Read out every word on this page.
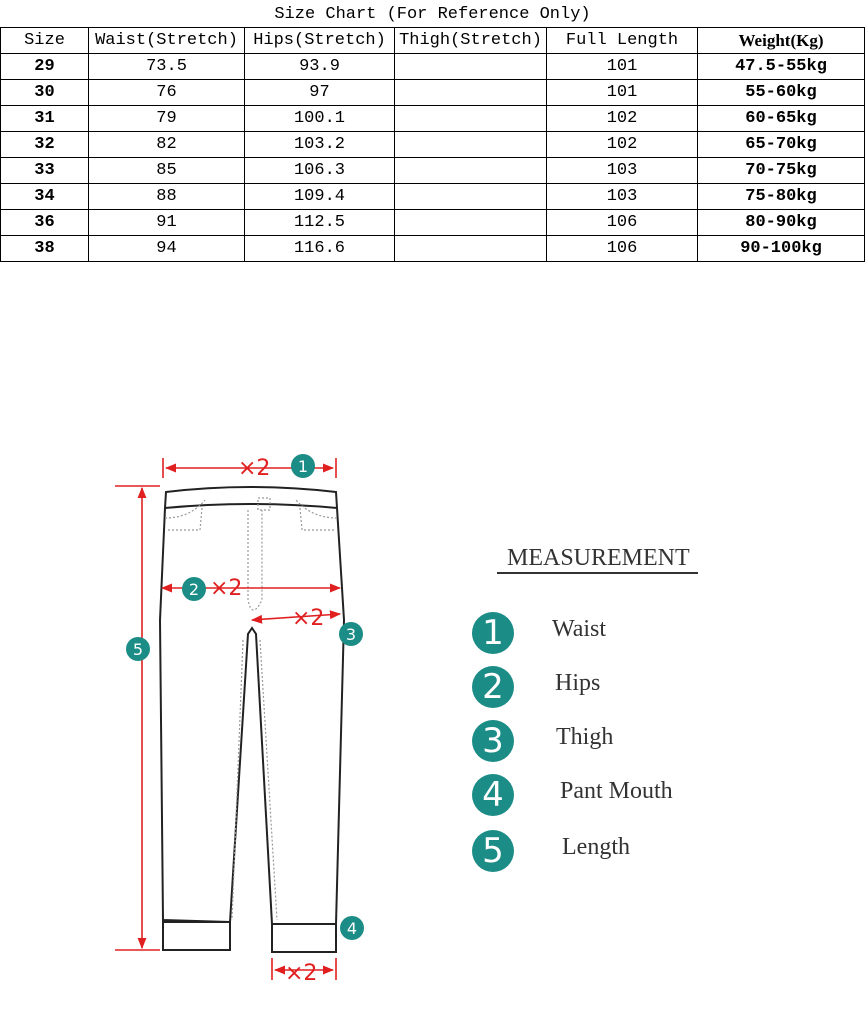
Size Chart (For Reference Only)
Size	Waist(Stretch)	Hips(Stretch)	Thigh(Stretch)	Full Length	Weight(Kg)
29	73.5	93.9		101	47.5-55kg
30	76	97		101	55-60kg
31	79	100.1		102	60-65kg
32	82	103.2		102	65-70kg
33	85	106.3		103	70-75kg
34	88	109.4		103	75-80kg
36	91	112.5		106	80-90kg
38	94	116.6		106	90-100kg
×2
×2
×2
×2
1
2
3
4
5
MEASUREMENT
1	Waist
2	Hips
3	Thigh
4	Pant Mouth
5	Length
